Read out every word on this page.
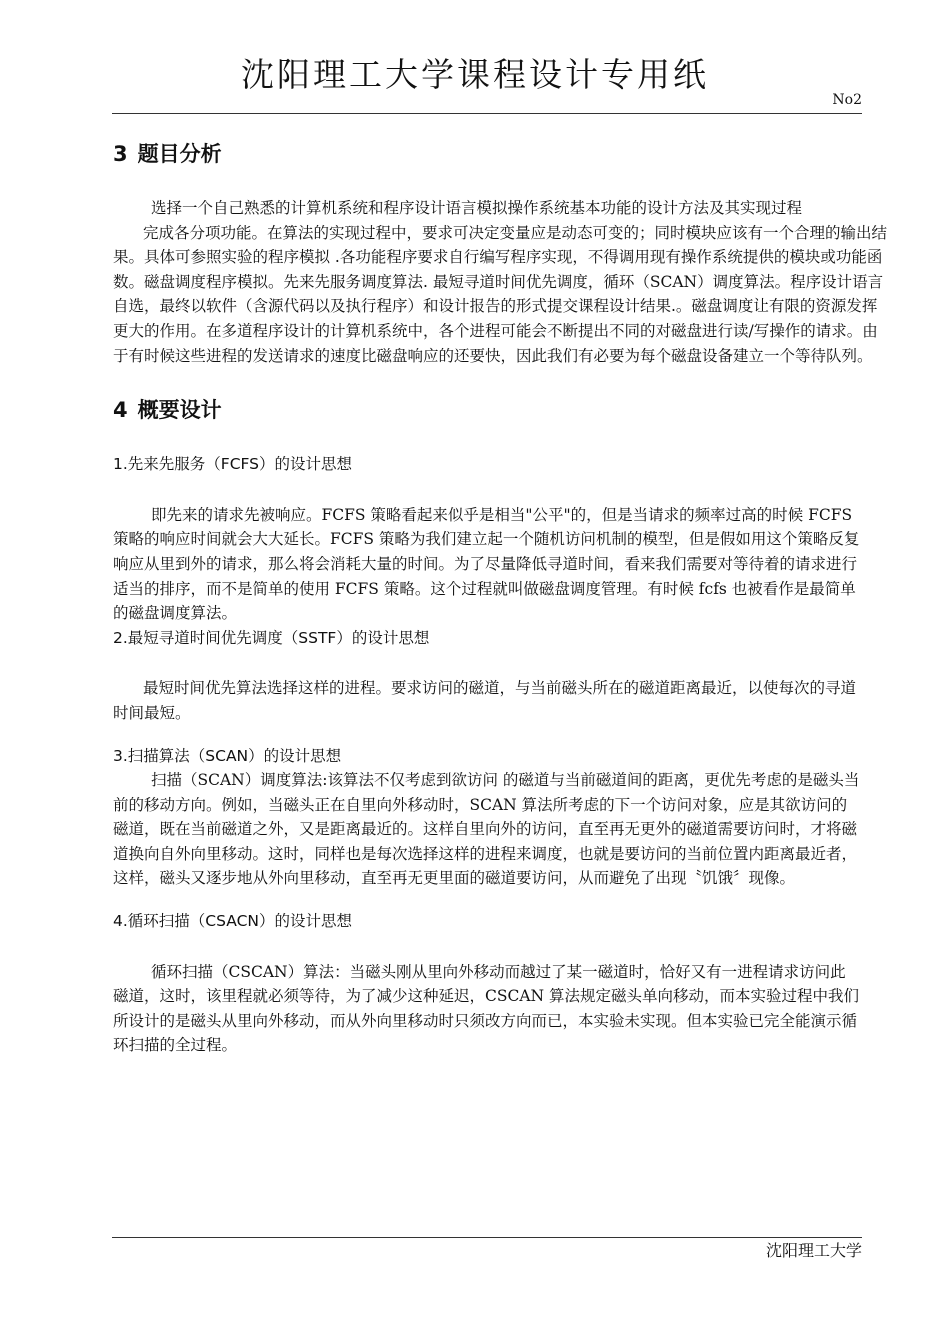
沈阳理工大学课程设计专用纸
No2
3 题目分析

选择一个自己熟悉的计算机系统和程序设计语言模拟操作系统基本功能的设计方法及其实现过程

完成各分项功能。在算法的实现过程中，要求可决定变量应是动态可变的；同时模块应该有一个合理的输出结果。具体可参照实验的程序模拟 .各功能程序要求自行编写程序实现，不得调用现有操作系统提供的模块或功能函数。磁盘调度程序模拟。先来先服务调度算法. 最短寻道时间优先调度，循环（SCAN）调度算法。程序设计语言自选，最终以软件（含源代码以及执行程序）和设计报告的形式提交课程设计结果.。磁盘调度让有限的资源发挥更大的作用。在多道程序设计的计算机系统中，各个进程可能会不断提出不同的对磁盘进行读/写操作的请求。由于有时候这些进程的发送请求的速度比磁盘响应的还要快，因此我们有必要为每个磁盘设备建立一个等待队列。

4 概要设计

1.先来先服务（FCFS）的设计思想

即先来的请求先被响应。FCFS 策略看起来似乎是相当"公平"的，但是当请求的频率过高的时候 FCFS 策略的响应时间就会大大延长。FCFS 策略为我们建立起一个随机访问机制的模型，但是假如用这个策略反复响应从里到外的请求，那么将会消耗大量的时间。为了尽量降低寻道时间，看来我们需要对等待着的请求进行适当的排序，而不是简单的使用 FCFS 策略。这个过程就叫做磁盘调度管理。有时候 fcfs 也被看作是最简单的磁盘调度算法。

2.最短寻道时间优先调度（SSTF）的设计思想

最短时间优先算法选择这样的进程。要求访问的磁道，与当前磁头所在的磁道距离最近，以使每次的寻道时间最短。

3.扫描算法（SCAN）的设计思想

扫描（SCAN）调度算法:该算法不仅考虑到欲访问 的磁道与当前磁道间的距离，更优先考虑的是磁头当前的移动方向。例如，当磁头正在自里向外移动时，SCAN 算法所考虑的下一个访问对象，应是其欲访问的磁道，既在当前磁道之外，又是距离最近的。这样自里向外的访问，直至再无更外的磁道需要访问时，才将磁道换向自外向里移动。这时，同样也是每次选择这样的进程来调度，也就是要访问的当前位置内距离最近者，这样，磁头又逐步地从外向里移动，直至再无更里面的磁道要访问，从而避免了出现〝饥饿〞现像。

4.循环扫描（CSACN）的设计思想

循环扫描（CSCAN）算法：当磁头刚从里向外移动而越过了某一磁道时，恰好又有一进程请求访问此磁道，这时，该里程就必须等待，为了减少这种延迟，CSCAN 算法规定磁头单向移动，而本实验过程中我们所设计的是磁头从里向外移动，而从外向里移动时只须改方向而已，本实验未实现。但本实验已完全能演示循环扫描的全过程。

沈阳理工大学
